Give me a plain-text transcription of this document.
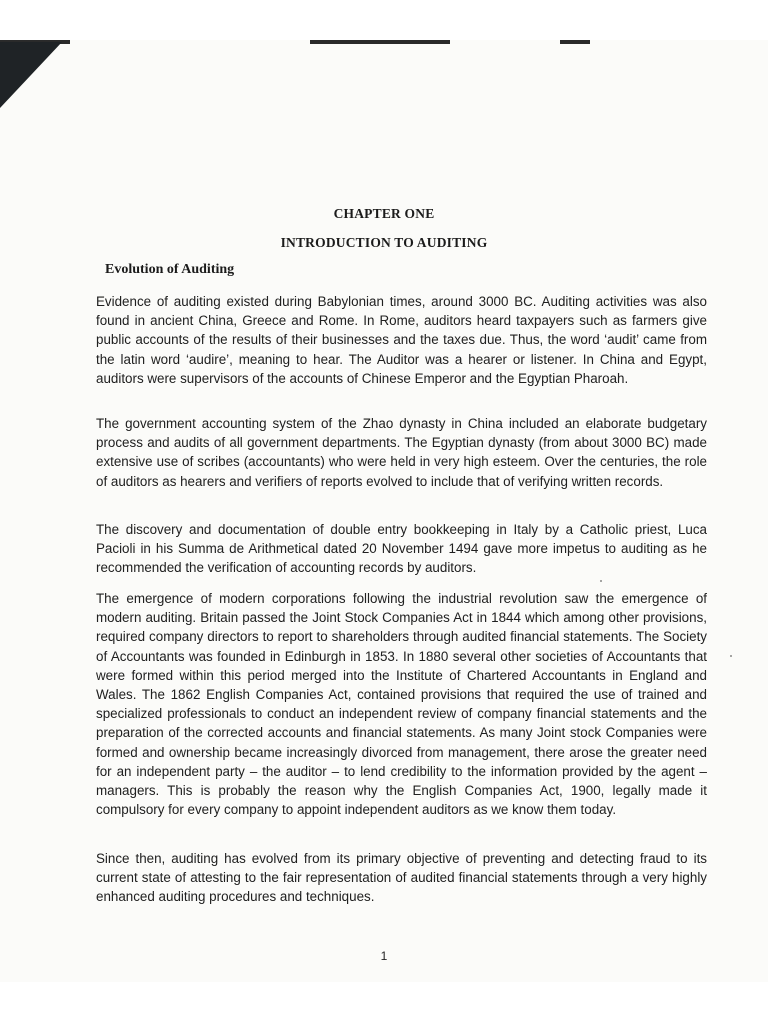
CHAPTER ONE
INTRODUCTION TO AUDITING
Evolution of Auditing

Evidence of auditing existed during Babylonian times, around 3000 BC. Auditing activities was also found in ancient China, Greece and Rome. In Rome, auditors heard taxpayers such as farmers give public accounts of the results of their businesses and the taxes due. Thus, the word ‘audit’ came from the latin word ‘audire’, meaning to hear. The Auditor was a hearer or listener. In China and Egypt, auditors were supervisors of the accounts of Chinese Emperor and the Egyptian Pharoah.

The government accounting system of the Zhao dynasty in China included an elaborate budgetary process and audits of all government departments. The Egyptian dynasty (from about 3000 BC) made extensive use of scribes (accountants) who were held in very high esteem. Over the centuries, the role of auditors as hearers and verifiers of reports evolved to include that of verifying written records.

The discovery and documentation of double entry bookkeeping in Italy by a Catholic priest, Luca Pacioli in his Summa de Arithmetical dated 20 November 1494 gave more impetus to auditing as he recommended the verification of accounting records by auditors.

The emergence of modern corporations following the industrial revolution saw the emergence of modern auditing. Britain passed the Joint Stock Companies Act in 1844 which among other provisions, required company directors to report to shareholders through audited financial statements. The Society of Accountants was founded in Edinburgh in 1853. In 1880 several other societies of Accountants that were formed within this period merged into the Institute of Chartered Accountants in England and Wales. The 1862 English Companies Act, contained provisions that required the use of trained and specialized professionals to conduct an independent review of company financial statements and the preparation of the corrected accounts and financial statements. As many Joint stock Companies were formed and ownership became increasingly divorced from management, there arose the greater need for an independent party – the auditor – to lend credibility to the information provided by the agent –managers. This is probably the reason why the English Companies Act, 1900, legally made it compulsory for every company to appoint independent auditors as we know them today.

Since then, auditing has evolved from its primary objective of preventing and detecting fraud to its current state of attesting to the fair representation of audited financial statements through a very highly enhanced auditing procedures and techniques.

1
